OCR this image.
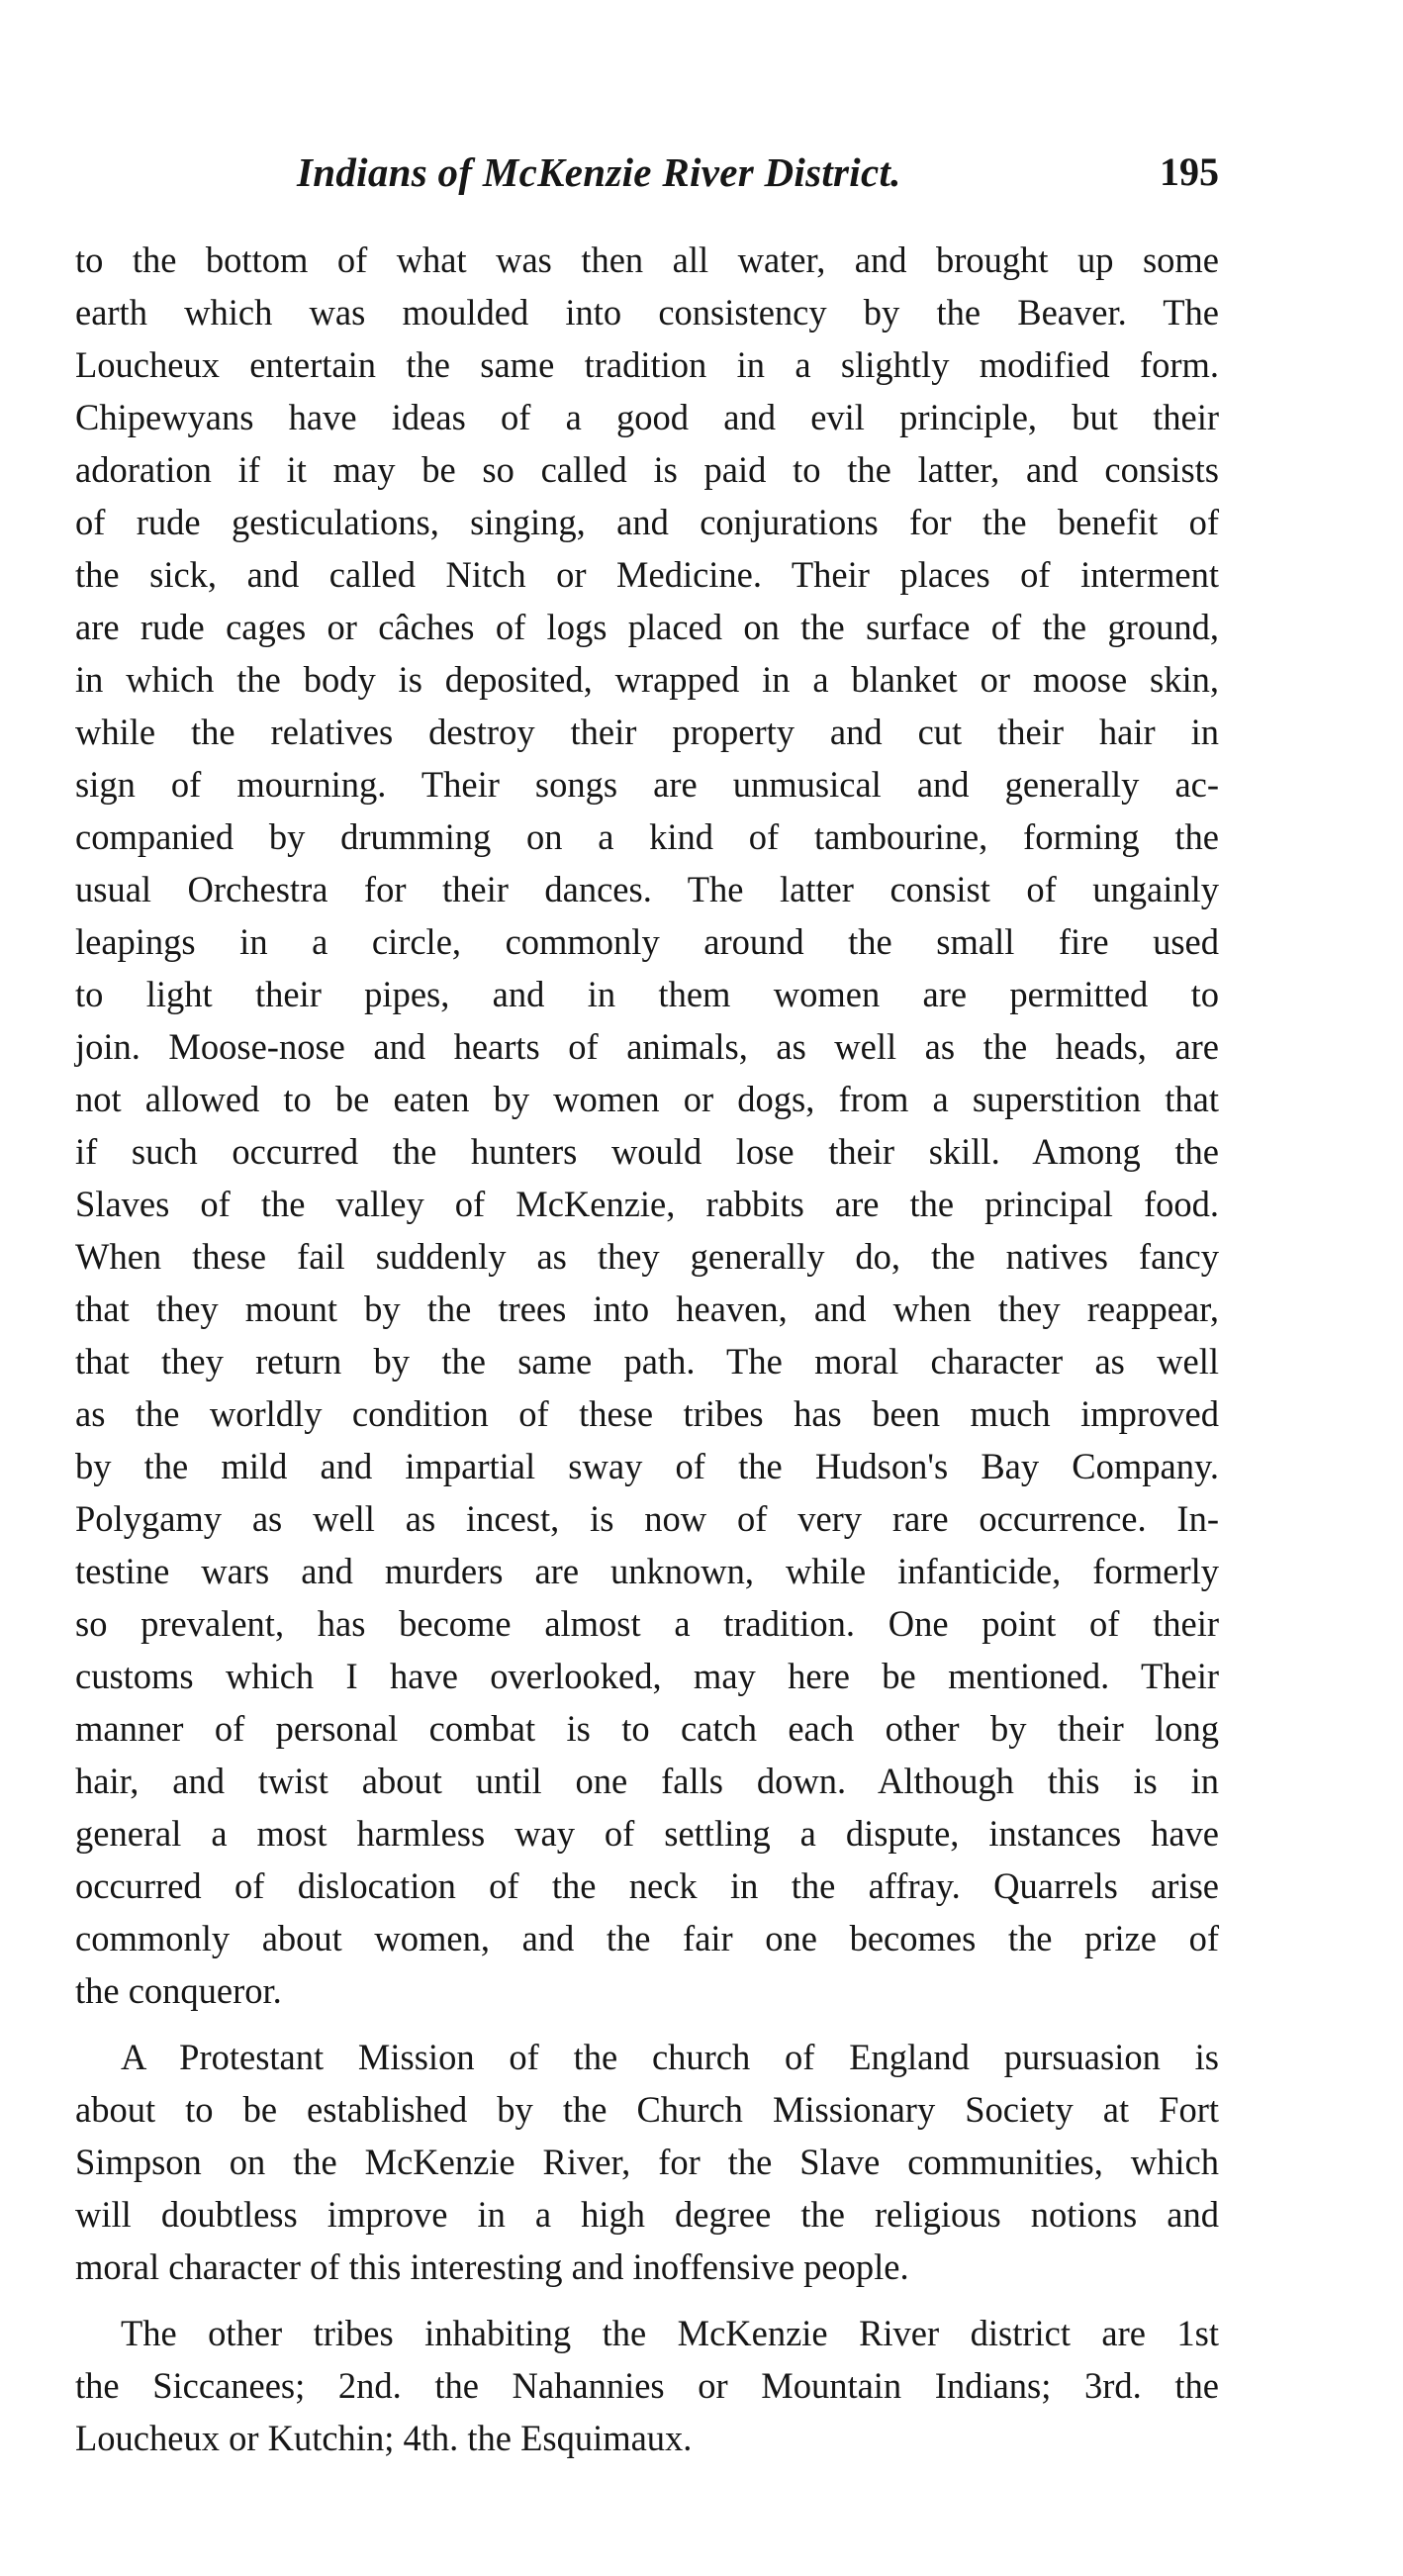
Indians of McKenzie River District.	195
to the bottom of what was then all water, and brought up some
earth which was moulded into consistency by the Beaver. The
Loucheux entertain the same tradition in a slightly modified form.
Chipewyans have ideas of a good and evil principle, but their
adoration if it may be so called is paid to the latter, and consists
of rude gesticulations, singing, and conjurations for the benefit of
the sick, and called Nitch or Medicine. Their places of interment
are rude cages or câches of logs placed on the surface of the ground,
in which the body is deposited, wrapped in a blanket or moose skin,
while the relatives destroy their property and cut their hair in
sign of mourning. Their songs are unmusical and generally ac-
companied by drumming on a kind of tambourine, forming the
usual Orchestra for their dances. The latter consist of ungainly
leapings in a circle, commonly around the small fire used
to light their pipes, and in them women are permitted to
join. Moose-nose and hearts of animals, as well as the heads, are
not allowed to be eaten by women or dogs, from a superstition that
if such occurred the hunters would lose their skill. Among the
Slaves of the valley of McKenzie, rabbits are the principal food.
When these fail suddenly as they generally do, the natives fancy
that they mount by the trees into heaven, and when they reappear,
that they return by the same path. The moral character as well
as the worldly condition of these tribes has been much improved
by the mild and impartial sway of the Hudson's Bay Company.
Polygamy as well as incest, is now of very rare occurrence. In-
testine wars and murders are unknown, while infanticide, formerly
so prevalent, has become almost a tradition. One point of their
customs which I have overlooked, may here be mentioned. Their
manner of personal combat is to catch each other by their long
hair, and twist about until one falls down. Although this is in
general a most harmless way of settling a dispute, instances have
occurred of dislocation of the neck in the affray. Quarrels arise
commonly about women, and the fair one becomes the prize of
the conqueror.
A Protestant Mission of the church of England pursuasion is
about to be established by the Church Missionary Society at Fort
Simpson on the McKenzie River, for the Slave communities, which
will doubtless improve in a high degree the religious notions and
moral character of this interesting and inoffensive people.
The other tribes inhabiting the McKenzie River district are 1st
the Siccanees; 2nd. the Nahannies or Mountain Indians; 3rd. the
Loucheux or Kutchin; 4th. the Esquimaux.
